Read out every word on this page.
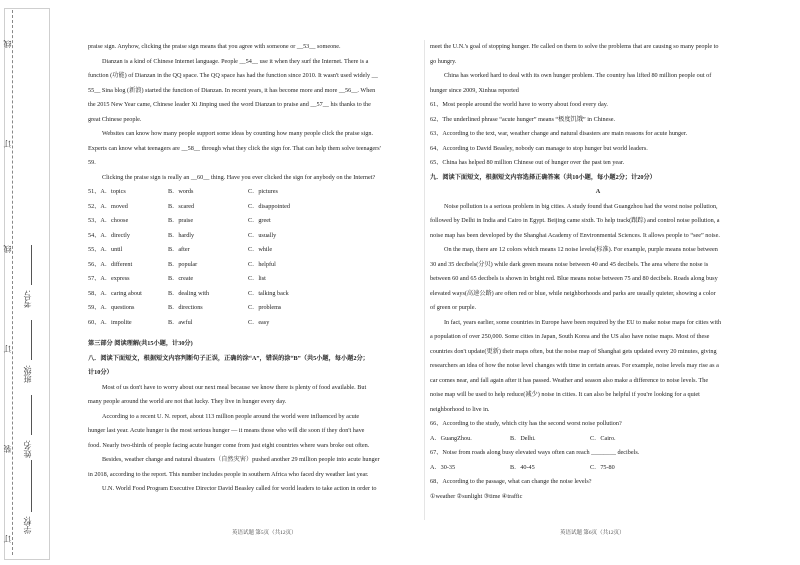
线
订
线
订
装
订
学校:
姓名:
班级:
考号:

praise sign. Anyhow, clicking the praise sign means that you agree with someone or __53__ someone.

Dianzan is a kind of Chinese Internet language. People __54__ use it when they surf the Internet. There is a

function (功能) of Dianzan in the QQ space. The QQ space has had the function since 2010. It wasn't used widely __

55__ Sina blog (新浪) started the function of Dianzan. In recent years, it has become more and more __56__. When

the 2015 New Year came, Chinese leader Xi Jinping used the word Dianzan to praise and __57__ his thanks to the

great Chinese people.

Websites can know how many people support some ideas by counting how many people click the praise sign.

Experts can know what teenagers are __58__ through what they click the sign for. That can help them solve teenagers'

59.

Clicking the praise sign is really an __60__ thing. Have you ever clicked the sign for anybody on the Internet?

51、A．topics	B．words	C．pictures
52、A．moved	B．scared	C．disappointed
53、A．choose	B．praise	C．greet
54、A．directly	B．hardly	C．usually
55、A．until	B．after	C．while
56、A．different	B．popular	C．helpful
57、A．express	B．create	C．list
58、A．caring about	B．dealing with	C．talking back
59、A．questions	B．directions	C．problems
60、A．impolite	B．awful	C．easy

第三部分 阅读理解(共15小题，计30分)

八．阅读下面短文，根据短文内容判断句子正误，正确的涂“A”，错误的涂“B”（共5小题，每小题2分；

计10分）

Most of us don't have to worry about our next meal because we know there is plenty of food available. But

many people around the world are not that lucky. They live in hunger every day.

According to a recent U. N. report, about 113 million people around the world were influenced by acute

hunger last year. Acute hunger is the most serious hunger — it means those who will die soon if they don't have

food. Nearly two-thirds of people facing acute hunger come from just eight countries where wars broke out often.

Besides, weather change and natural disasters（自然灾害）pushed another 29 million people into acute hunger

in 2018, according to the report. This number includes people in southern Africa who faced dry weather last year.

U.N. World Food Program Executive Director David Beasley called for world leaders to take action in order to

英语试题 第5页（共12页）

meet the U.N.'s goal of stopping hunger. He called on them to solve the problems that are causing so many people to

go hungry.

China has worked hard to deal with its own hunger problem. The country has lifted 80 million people out of

hunger since 2009, Xinhua reported

61、Most people around the world have to worry about food every day.

62、The underlined phrase “acute hunger” means “极度饥饿” in Chinese.

63、According to the text, war, weather change and natural disasters are main reasons for acute hunger.

64、According to David Beasley, nobody can manage to stop hunger but world leaders.

65、China has helped 80 million Chinese out of hunger over the past ten year.

九．阅读下面短文，根据短文内容选择正确答案（共10小题，每小题2分；计20分）

A

Noise pollution is a serious problem in big cities. A study found that Guangzhou had the worst noise pollution,

followed by Delhi in India and Cairo in Egypt. Beijing came sixth. To help track(跟踪) and control noise pollution, a

noise map has been developed by the Shanghai Academy of Environmental Sciences. It allows people to “see” noise.

On the map, there are 12 colors which means 12 noise levels(标准). For example, purple means noise between

30 and 35 decibels(分贝) while dark green means noise between 40 and 45 decibels. The area where the noise is

between 60 and 65 decibels is shown in bright red. Blue means noise between 75 and 80 decibels. Roads along busy

elevated ways(高速公路) are often red or blue, while neighborhoods and parks are usually quieter, showing a color

of green or purple.

In fact, years earlier, some countries in Europe have been required by the EU to make noise maps for cities with

a population of over 250,000. Some cities in Japan, South Korea and the US also have noise maps. Most of these

countries don't update(更新) their maps often, but the noise map of Shanghai gets updated every 20 minutes, giving

researchers an idea of how the noise level changes with time in certain areas. For example, noise levels may rise as a

car comes near, and fall again after it has passed. Weather and season also make a difference to noise levels. The

noise map will be used to help reduce(减少) noise in cities. It can also be helpful if you're looking for a quiet

neighborhood to live in.

66、According to the study, which city has the second worst noise pollution?

A．GuangZhou.	B．Delhi.	C．Cairo.

67、Noise from roads along busy elevated ways often can reach ________ decibels.

A．30-35	B．40-45	C．75-80

68、According to the passage, what can change the noise levels?

①weather ②sunlight ③time ④traffic

英语试题 第6页（共12页）
